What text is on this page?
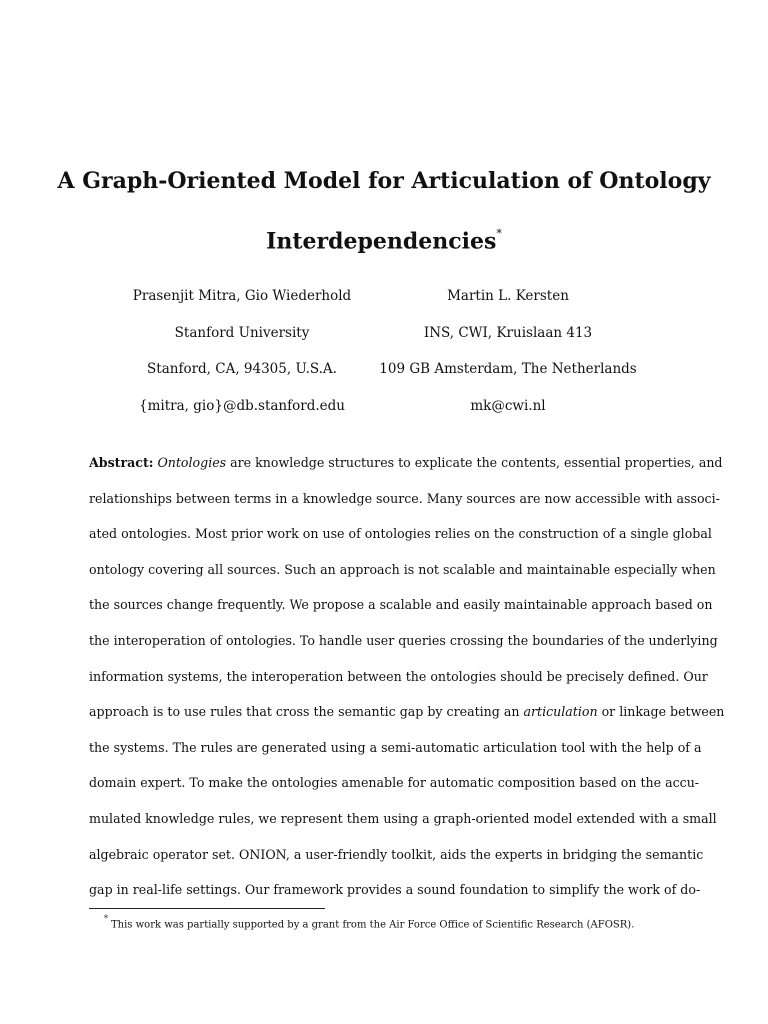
A Graph-Oriented Model for Articulation of Ontology
Interdependencies*
Prasenjit Mitra, Gio Wiederhold
Stanford University
Stanford, CA, 94305, U.S.A.
{mitra, gio}@db.stanford.edu
Martin L. Kersten
INS, CWI, Kruislaan 413
109 GB Amsterdam, The Netherlands
mk@cwi.nl
Abstract: Ontologies are knowledge structures to explicate the contents, essential properties, and
relationships between terms in a knowledge source. Many sources are now accessible with associ-
ated ontologies. Most prior work on use of ontologies relies on the construction of a single global
ontology covering all sources. Such an approach is not scalable and maintainable especially when
the sources change frequently. We propose a scalable and easily maintainable approach based on
the interoperation of ontologies. To handle user queries crossing the boundaries of the underlying
information systems, the interoperation between the ontologies should be precisely defined. Our
approach is to use rules that cross the semantic gap by creating an articulation or linkage between
the systems. The rules are generated using a semi-automatic articulation tool with the help of a
domain expert. To make the ontologies amenable for automatic composition based on the accu-
mulated knowledge rules, we represent them using a graph-oriented model extended with a small
algebraic operator set. ONION, a user-friendly toolkit, aids the experts in bridging the semantic
gap in real-life settings. Our framework provides a sound foundation to simplify the work of do-
*This work was partially supported by a grant from the Air Force Office of Scientific Research (AFOSR).
